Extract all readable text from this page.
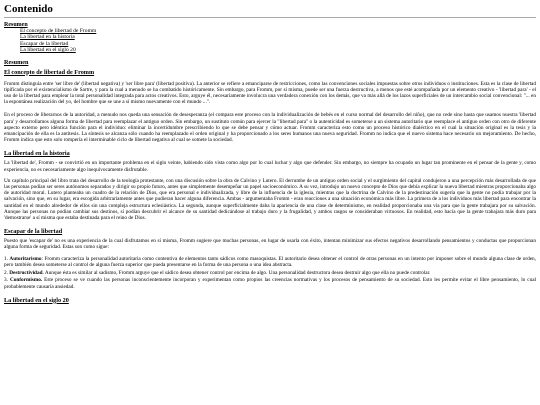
Contenido
Resumen
El concepto de libertad de Fromm
La libertad en la historia
Escapar de la libertad
La libertad en el siglo 20
Resumen
El concepto de libertad de Fromm

Fromm distinguía entre 'ser libre de' (libertad negativa) y 'ser libre para' (libertad positiva). La anterior se refiere a emanciparse de restricciones, como las convenciones sociales impuestas sobre otros individuos o instituciones. Esta es la clase de libertad tipificada por el existencialismo de Sartre, y para la cual a menudo se ha combatido históricamente. Sin embargo, para Fromm, por sí misma, puede ser una fuerza destructiva, a menos que esté acompañada por un elemento creativo - 'libertad para' - el uso de la libertad para emplear la total personalidad integrada para actos creativos. Esto, arguye él, necesariamente involucra una verdadera conexión con los demás, que va más allá de los lazos superficiales de un intercambio social convencional: "... en la espontánea realización del yo, del hombre que se une a sí mismo nuevamente con el mundo ...".

En el proceso de liberarnos de la autoridad, a menudo nos queda una sensación de desesperanza (el compara este proceso con la individualización de bebés en el curso normal del desarrollo del niño), que no cede sino hasta que usamos nuestra 'libertad para' y desarrollamos alguna forma de libertad para reemplazar el antiguo orden. Sin embargo, un sustituto común para ejercer la "libertad para" o la autenticidad es someterse a un sistema autoritario que reemplace el antiguo orden con otro de diferente aspecto externo pero idéntica función para el individuo: eliminar la incertidumbre prescribiendo lo que se debe pensar y cómo actuar. Fromm caracteriza esto como un proceso histórico dialéctico en el cual la situación original es la tesis y la emancipación de ella es la antítesis. La síntesis se alcanza sólo cuando ha reemplazado el orden original y ha proporcionado a los seres humanos una nueva seguridad. Fromm no indica que el nuevo sistema hace necesario un mejoramiento. De hecho, Fromm indica que esto solo rompería el interminable ciclo de libertad negativa al cual se somete la sociedad.

La libertad en la historia

La 'libertad de', Fromm - se convirtió en un importante problema en el siglo veinte, habiendo sido vista como algo por lo cual luchar y algo que defender. Sin embargo, no siempre ha ocupado un lugar tan prominente en el pensar de la gente y, como experiencia, no es necesariamente algo inequívocamente disfrutable.

Un capítulo principal del libro trata del desarrollo de la teología protestante, con una discusión sobre la obra de Calvino y Lutero. El derrumbe de un antiguo orden social y el surgimiento del capital condujeron a una percepción más desarrollada de que las personas podían ser seres autónomos separados y dirigir su propio futuro, antes que simplemente desempeñar un papel socioeconómico. A su vez, introdujo un nuevo concepto de Dios que debía explicar la nueva libertad mientras proporcionaba algo de autoridad moral. Lutero planteaba un cuadro de la relación de Dios, que era personal e individualizada, y libre de la influencia de la iglesia, mientras que la doctrina de Calvino de la predestinación sugería que la gente no podía trabajar por la salvación, sino que, en su lugar, era escogida arbitrariamente antes que pudieran hacer alguna diferencia. Ambas - argumentaba Fromm - eran reacciones a una situación económica más libre. La primera de a los individuos más libertad para encontrar la santidad en el mundo alrededor de ellos sin una compleja estructura eclesiástica. La segunda, aunque superficialmente daba la apariencia de una clase de determinismo, en realidad proporcionaba una vía para que la gente trabajara por su salvación. Aunque las personas no podían cambiar sus destinos, sí podían descubrir el alcance de su santidad dedicándose al trabajo duro y la frugalidad, y ambos rasgos se consideraban virtuosos. En realidad, esto hacia que la gente trabajara más duro para 'demostrarse' a sí misma que estaba destinada para el reino de Dios.

Escapar de la libertad

Puesto que 'escapar de' no es una experiencia de la cual disfrutamos en sí misma, Fromm sugiere que muchas personas, en lugar de usarla con éxito, intentan minimizar sus efectos negativos desarrollando pensamientos y conductas que proporcionan alguna forma de seguridad. Estas son como sigue:

1. Autoritarismo: Fromm caracteriza la personalidad autoritaria como contentiva de elementos tanto sádicos como masoquistas. El autoritario desea obtener el control de otras personas en un intento por imponer sobre el mundo alguna clase de orden, pero también desea someterse al control de alguna fuerza superior que pueda presentarse en la forma de una persona o una idea abstracta.
2. Destructividad. Aunque ésta es similar al sadismo, Fromm arguye que el sádico desea obtener control por encima de algo. Una personalidad destructora desea destruir algo que ella no puede controlar.
3. Conformismo. Este proceso se ve cuando las personas inconscientemente incorporan y experimentan como propios las creencias normativas y los procesos de pensamiento de su sociedad. Esto les permite evitar el libre pensamiento, lo cual probablemente causaría ansiedad.
La libertad en el siglo 20
